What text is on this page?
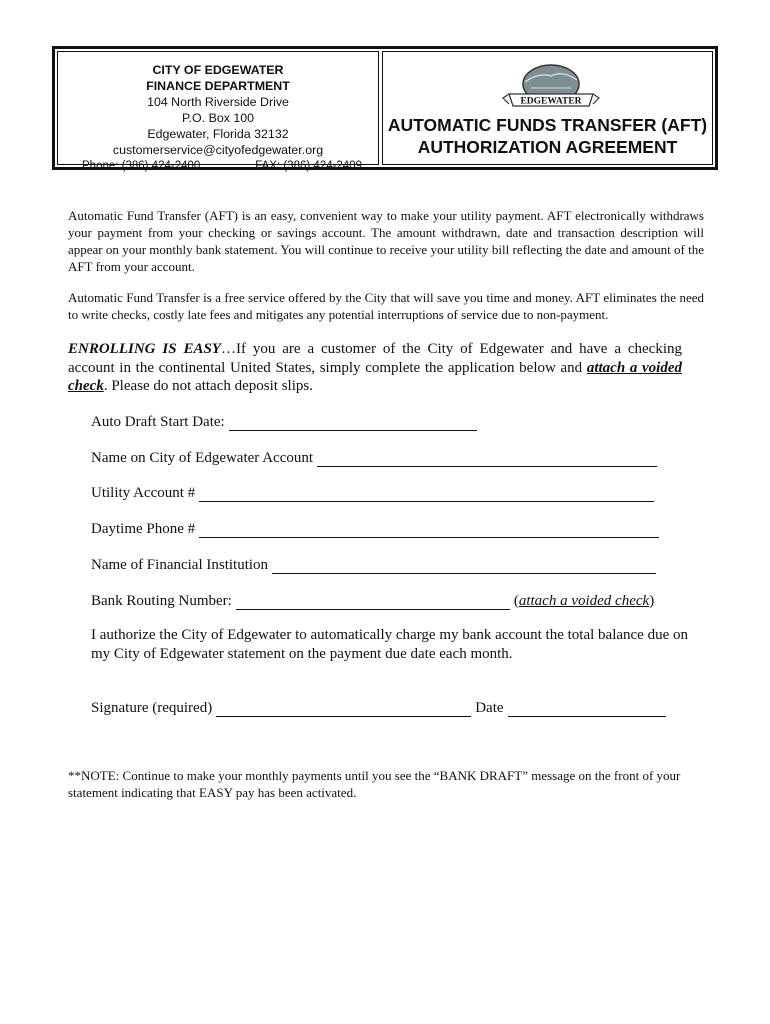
CITY OF EDGEWATER
FINANCE DEPARTMENT
104 North Riverside Drive
P.O. Box 100
Edgewater, Florida 32132
customerservice@cityofedgewater.org
Phone: (386) 424-2400	FAX: (386) 424-2409
EDGEWATER
AUTOMATIC FUNDS TRANSFER (AFT)
AUTHORIZATION AGREEMENT

Automatic Fund Transfer (AFT) is an easy, convenient way to make your utility payment. AFT electronically withdraws your payment from your checking or savings account. The amount withdrawn, date and transaction description will appear on your monthly bank statement. You will continue to receive your utility bill reflecting the date and amount of the AFT from your account.

Automatic Fund Transfer is a free service offered by the City that will save you time and money. AFT eliminates the need to write checks, costly late fees and mitigates any potential interruptions of service due to non-payment.

ENROLLING IS EASY…If you are a customer of the City of Edgewater and have a checking account in the continental United States, simply complete the application below and attach a voided check. Please do not attach deposit slips.

Auto Draft Start Date:
Name on City of Edgewater Account
Utility Account #
Daytime Phone #
Name of Financial Institution
Bank Routing Number:	(attach a voided check)

I authorize the City of Edgewater to automatically charge my bank account the total balance due on my City of Edgewater statement on the payment due date each month.

Signature (required)	Date

**NOTE: Continue to make your monthly payments until you see the “BANK DRAFT” message on the front of your statement indicating that EASY pay has been activated.
